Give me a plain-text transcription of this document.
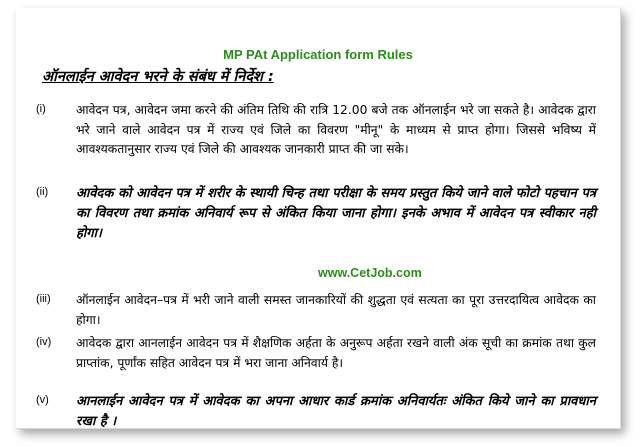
MP PAt Application form Rules
ऑनलाईन आवेदन भरने के संबंध में निर्देश :
(i) आवेदन पत्र, आवेदन जमा करने की अंतिम तिथि की रात्रि 12.00 बजे तक ऑनलाईन भरे जा सकते है। आवेदक द्वारा भरे जाने वाले आवेदन पत्र में राज्य एवं जिले का विवरण "मीनू" के माध्यम से प्राप्त होगा। जिससे भविष्य में आवश्यकतानुसार राज्य एवं जिले की आवश्यक जानकारी प्राप्त की जा सके।
(ii) आवेदक को आवेदन पत्र में शरीर के स्थायी चिन्ह तथा परीक्षा के समय प्रस्तुत किये जाने वाले फोटो पहचान पत्र का विवरण तथा क्रमांक अनिवार्य रूप से अंकित किया जाना होगा। इनके अभाव में आवेदन पत्र स्वीकार नही होगा।
www.CetJob.com
(iii) ऑनलाईन आवेदन–पत्र में भरी जाने वाली समस्त जानकारियों की शुद्धता एवं सत्यता का पूरा उत्तरदायित्व आवेदक का होगा।
(iv) आवेदक द्वारा आनलाईन आवेदन पत्र में शैक्षणिक अर्हता के अनुरूप अर्हता रखने वाली अंक सूची का क्रमांक तथा कुल प्राप्तांक, पूर्णांक सहित आवेदन पत्र में भरा जाना अनिवार्य है।
(v) आनलाईन आवेदन पत्र में आवेदक का अपना आधार कार्ड क्रमांक अनिवार्यतः अंकित किये जाने का प्रावधान रखा है ।
